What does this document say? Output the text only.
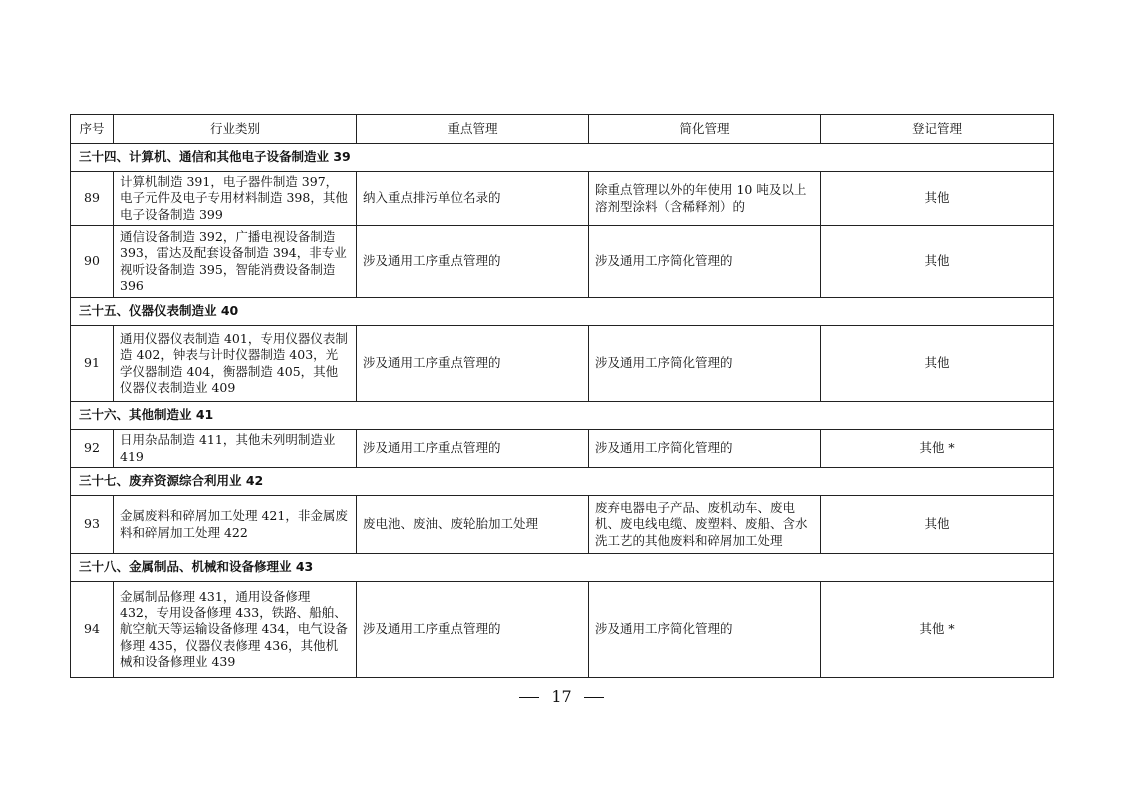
序号	行业类别	重点管理	简化管理	登记管理
三十四、计算机、通信和其他电子设备制造业 39				
89	计算机制造 391，电子器件制造 397，电子元件及电子专用材料制造 398，其他电子设备制造 399	纳入重点排污单位名录的	除重点管理以外的年使用 10 吨及以上溶剂型涂料（含稀释剂）的	其他
90	通信设备制造 392，广播电视设备制造 393，雷达及配套设备制造 394，非专业视听设备制造 395，智能消费设备制造 396	涉及通用工序重点管理的	涉及通用工序简化管理的	其他
三十五、仪器仪表制造业 40				
91	通用仪器仪表制造 401，专用仪器仪表制造 402，钟表与计时仪器制造 403，光学仪器制造 404，衡器制造 405，其他仪器仪表制造业 409	涉及通用工序重点管理的	涉及通用工序简化管理的	其他
三十六、其他制造业 41				
92	日用杂品制造 411，其他未列明制造业 419	涉及通用工序重点管理的	涉及通用工序简化管理的	其他 *
三十七、废弃资源综合利用业 42				
93	金属废料和碎屑加工处理 421，非金属废料和碎屑加工处理 422	废电池、废油、废轮胎加工处理	废弃电器电子产品、废机动车、废电机、废电线电缆、废塑料、废船、含水洗工艺的其他废料和碎屑加工处理	其他
三十八、金属制品、机械和设备修理业 43				
94	金属制品修理 431，通用设备修理 432，专用设备修理 433，铁路、船舶、航空航天等运输设备修理 434，电气设备修理 435，仪器仪表修理 436，其他机械和设备修理业 439	涉及通用工序重点管理的	涉及通用工序简化管理的	其他 *
17
